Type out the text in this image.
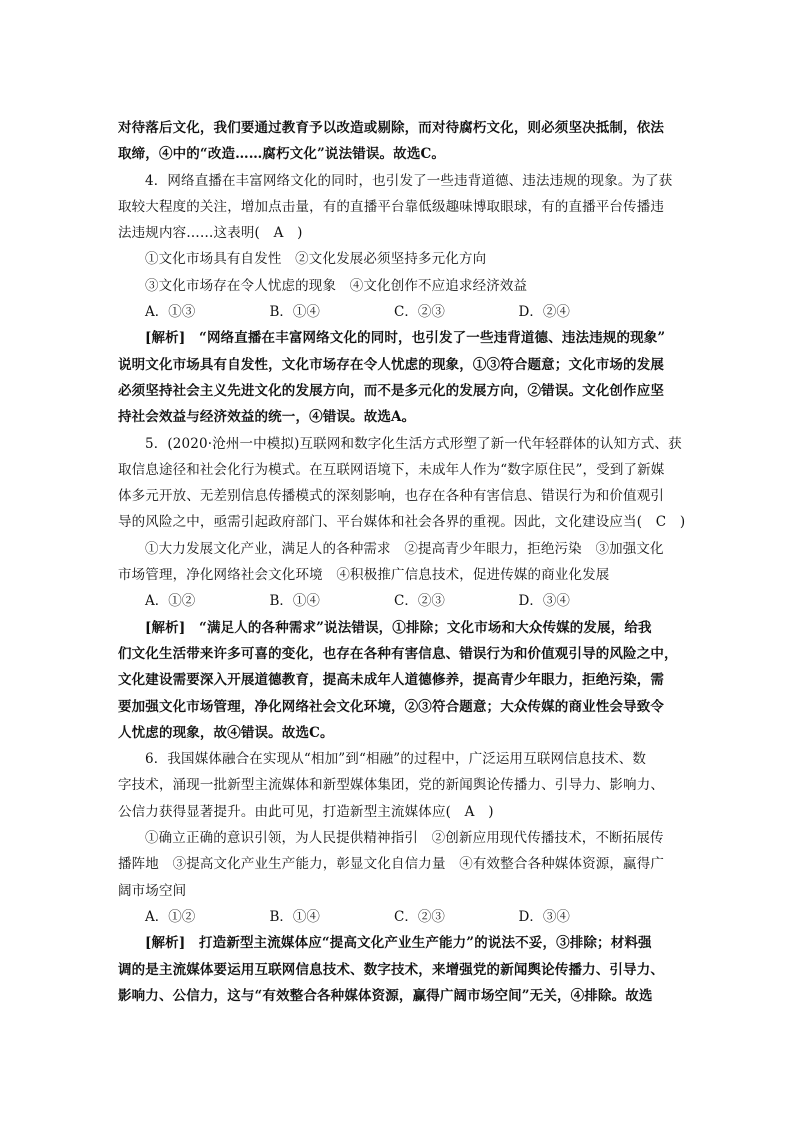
对待落后文化，我们要通过教育予以改造或剔除，而对待腐朽文化，则必须坚决抵制，依法
取缔，④中的“改造……腐朽文化”说法错误。故选C。
4．网络直播在丰富网络文化的同时，也引发了一些违背道德、违法违规的现象。为了获
取较大程度的关注，增加点击量，有的直播平台靠低级趣味博取眼球，有的直播平台传播违
法违规内容……这表明(　A　)
①文化市场具有自发性　②文化发展必须坚持多元化方向
③文化市场存在令人忧虑的现象　④文化创作不应追求经济效益
A．①③	B．①④	C．②③	D．②④
[解析]　“网络直播在丰富网络文化的同时，也引发了一些违背道德、违法违规的现象”
说明文化市场具有自发性，文化市场存在令人忧虑的现象，①③符合题意；文化市场的发展
必须坚持社会主义先进文化的发展方向，而不是多元化的发展方向，②错误。文化创作应坚
持社会效益与经济效益的统一，④错误。故选A。
5．(2020·沧州一中模拟)互联网和数字化生活方式形塑了新一代年轻群体的认知方式、获
取信息途径和社会化行为模式。在互联网语境下，未成年人作为“数字原住民”，受到了新媒
体多元开放、无差别信息传播模式的深刻影响，也存在各种有害信息、错误行为和价值观引
导的风险之中，亟需引起政府部门、平台媒体和社会各界的重视。因此，文化建设应当(　C　)
①大力发展文化产业，满足人的各种需求　②提高青少年眼力，拒绝污染　③加强文化
市场管理，净化网络社会文化环境　④积极推广信息技术，促进传媒的商业化发展
A．①②	B．①④	C．②③	D．③④
[解析]　“满足人的各种需求”说法错误，①排除；文化市场和大众传媒的发展，给我
们文化生活带来许多可喜的变化，也存在各种有害信息、错误行为和价值观引导的风险之中，
文化建设需要深入开展道德教育，提高未成年人道德修养，提高青少年眼力，拒绝污染，需
要加强文化市场管理，净化网络社会文化环境，②③符合题意；大众传媒的商业性会导致令
人忧虑的现象，故④错误。故选C。
6．我国媒体融合在实现从“相加”到“相融”的过程中，广泛运用互联网信息技术、数
字技术，涌现一批新型主流媒体和新型媒体集团，党的新闻舆论传播力、引导力、影响力、
公信力获得显著提升。由此可见，打造新型主流媒体应(　A　)
①确立正确的意识引领，为人民提供精神指引　②创新应用现代传播技术，不断拓展传
播阵地　③提高文化产业生产能力，彰显文化自信力量　④有效整合各种媒体资源，赢得广
阔市场空间
A．①②	B．①④	C．②③	D．③④
[解析]　打造新型主流媒体应“提高文化产业生产能力”的说法不妥，③排除；材料强
调的是主流媒体要运用互联网信息技术、数字技术，来增强党的新闻舆论传播力、引导力、
影响力、公信力，这与“有效整合各种媒体资源，赢得广阔市场空间”无关，④排除。故选
